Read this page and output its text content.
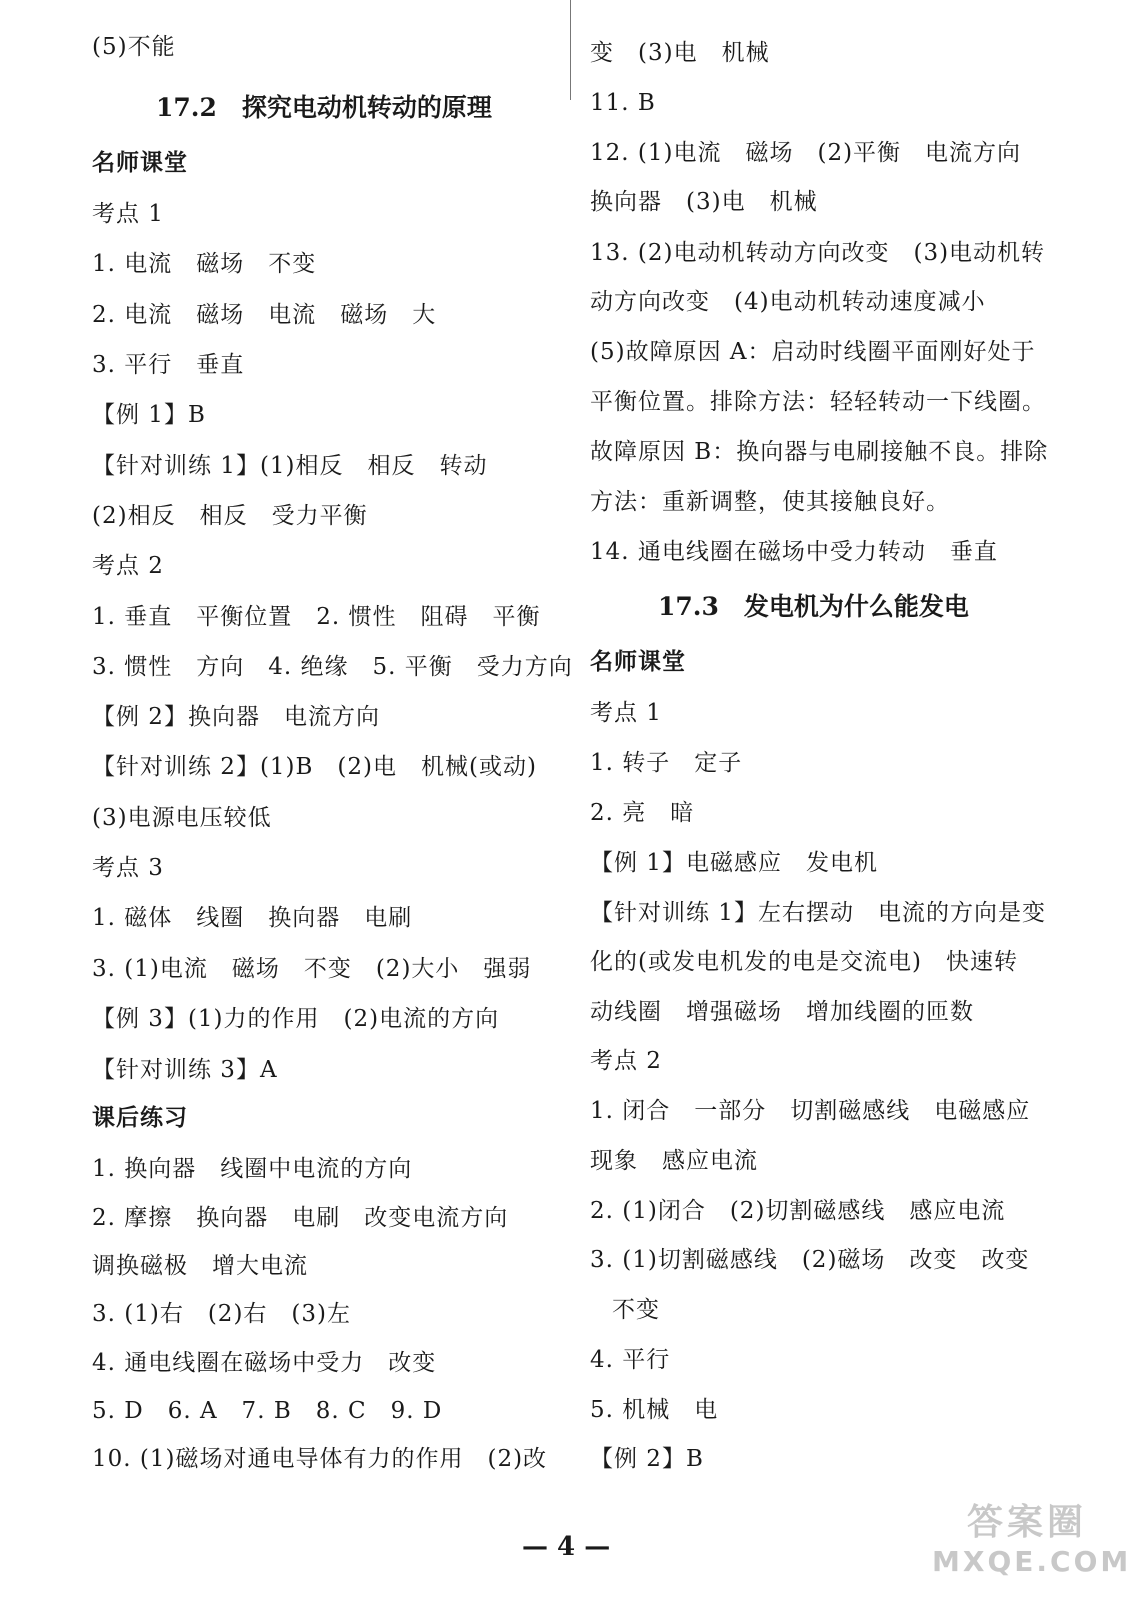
(5)不能
17.2　探究电动机转动的原理
名师课堂
考点 1
1. 电流　磁场　不变
2. 电流　磁场　电流　磁场　大
3. 平行　垂直
【例 1】B
【针对训练 1】(1)相反　相反　转动
(2)相反　相反　受力平衡
考点 2
1. 垂直　平衡位置　2. 惯性　阻碍　平衡
3. 惯性　方向　4. 绝缘　5. 平衡　受力方向
【例 2】换向器　电流方向
【针对训练 2】(1)B　(2)电　机械(或动)
(3)电源电压较低
考点 3
1. 磁体　线圈　换向器　电刷
3. (1)电流　磁场　不变　(2)大小　强弱
【例 3】(1)力的作用　(2)电流的方向
【针对训练 3】A
课后练习
1. 换向器　线圈中电流的方向
2. 摩擦　换向器　电刷　改变电流方向
调换磁极　增大电流
3. (1)右　(2)右　(3)左
4. 通电线圈在磁场中受力　改变
5. D　6. A　7. B　8. C　9. D
10. (1)磁场对通电导体有力的作用　(2)改
变　(3)电　机械
11. B
12. (1)电流　磁场　(2)平衡　电流方向
换向器　(3)电　机械
13. (2)电动机转动方向改变　(3)电动机转
动方向改变　(4)电动机转动速度减小
(5)故障原因 A：启动时线圈平面刚好处于
平衡位置。排除方法：轻轻转动一下线圈。
故障原因 B：换向器与电刷接触不良。排除
方法：重新调整，使其接触良好。
14. 通电线圈在磁场中受力转动　垂直
17.3　发电机为什么能发电
名师课堂
考点 1
1. 转子　定子
2. 亮　暗
【例 1】电磁感应　发电机
【针对训练 1】左右摆动　电流的方向是变
化的(或发电机发的电是交流电)　快速转
动线圈　增强磁场　增加线圈的匝数
考点 2
1. 闭合　一部分　切割磁感线　电磁感应
现象　感应电流
2. (1)闭合　(2)切割磁感线　感应电流
3. (1)切割磁感线　(2)磁场　改变　改变
不变
4. 平行
5. 机械　电
【例 2】B
— 4 —
答案圈
MXQE.COM
